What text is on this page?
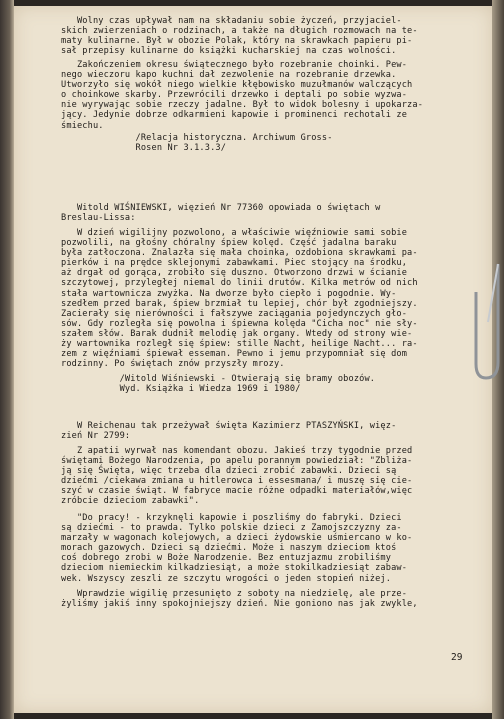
Wolny czas upływał nam na składaniu sobie życzeń, przyjaciel-
skich zwierzeniach o rodzinach, a także na długich rozmowach na te-
maty kulinarne. Był w obozie Polak, który na skrawkach papieru pi-
sał przepisy kulinarne do książki kucharskiej na czas wolności.

Zakończeniem okresu świątecznego było rozebranie choinki. Pew-
nego wieczoru kapo kuchni dał zezwolenie na rozebranie drzewka.
Utworzyło się wokół niego wielkie kłębowisko muzułmanów walczących
o choinkowe skarby. Przewrócili drzewko i deptali po sobie wyzwa-
nie wyrywając sobie rzeczy jadalne. Był to widok bolesny i upokarza-
jący. Jedynie dobrze odkarmieni kapowie i prominenci rechotali ze
śmiechu.

/Relacja historyczna. Archiwum Gross-
Rosen Nr 3.1.3.3/

Witold WIŚNIEWSKI, więzień Nr 77360 opowiada o świętach w
Breslau-Lissa:

W dzień wigilijny pozwolono, a właściwie więźniowie sami sobie
pozwolili, na głośny chóralny śpiew kolęd. Część jadalna baraku
była zatłoczona. Znalazła się mała choinka, ozdobiona skrawkami pa-
pierków i na prędce sklejonymi zabawkami. Piec stojący na środku,
aż drgał od gorąca, zrobiło się duszno. Otworzono drzwi w ścianie
szczytowej, przyległej niemal do linii drutów. Kilka metrów od nich
stała wartownicza zwyżka. Na dworze było ciepło i pogodnie. Wy-
szedłem przed barak, śpiew brzmiał tu lepiej, chór był zgodniejszy.
Zacierały się nierówności i fałszywe zaciągania pojedynczych gło-
sów. Gdy rozległa się powolna i śpiewna kolęda "Cicha noc" nie sły-
szałem słów. Barak dudnił melodię jak organy. Wtedy od strony wie-
ży wartownika rozległ się śpiew: stille Nacht, heilige Nacht... ra-
zem z więźniami śpiewał esseman. Pewno i jemu przypomniał się dom
rodzinny. Po świętach znów przyszły mrozy.

/Witold Wiśniewski - Otwierają się bramy obozów.
Wyd. Książka i Wiedza 1969 i 1980/

W Reichenau tak przeżywał święta Kazimierz PTASZYŃSKI, więz-
zień Nr 2799:

Z apatii wyrwał nas komendant obozu. Jakieś trzy tygodnie przed
świętami Bożego Narodzenia, po apelu porannym powiedział: "Zbliża-
ją się Święta, więc trzeba dla dzieci zrobić zabawki. Dzieci są
dziećmi /ciekawa zmiana u hitlerowca i essesmana/ i muszę się cie-
szyć w czasie świąt. W fabryce macie różne odpadki materiałów,więc
zróbcie dzieciom zabawki".

"Do pracy! - krzyknęli kapowie i poszliśmy do fabryki. Dzieci
są dziećmi - to prawda. Tylko polskie dzieci z Zamojszczyzny za-
marzały w wagonach kolejowych, a dzieci żydowskie uśmiercano w ko-
morach gazowych. Dzieci są dziećmi. Może i naszym dzieciom ktoś
coś dobrego zrobi w Boże Narodzenie. Bez entuzjazmu zrobiliśmy
dzieciom niemieckim kilkadziesiąt, a może stokilkadziesiąt zabaw-
wek. Wszyscy zeszli ze szczytu wrogości o jeden stopień niżej.

Wprawdzie wigilię przesunięto z soboty na niedzielę, ale prze-
żyliśmy jakiś inny spokojniejszy dzień. Nie goniono nas jak zwykle,

29
